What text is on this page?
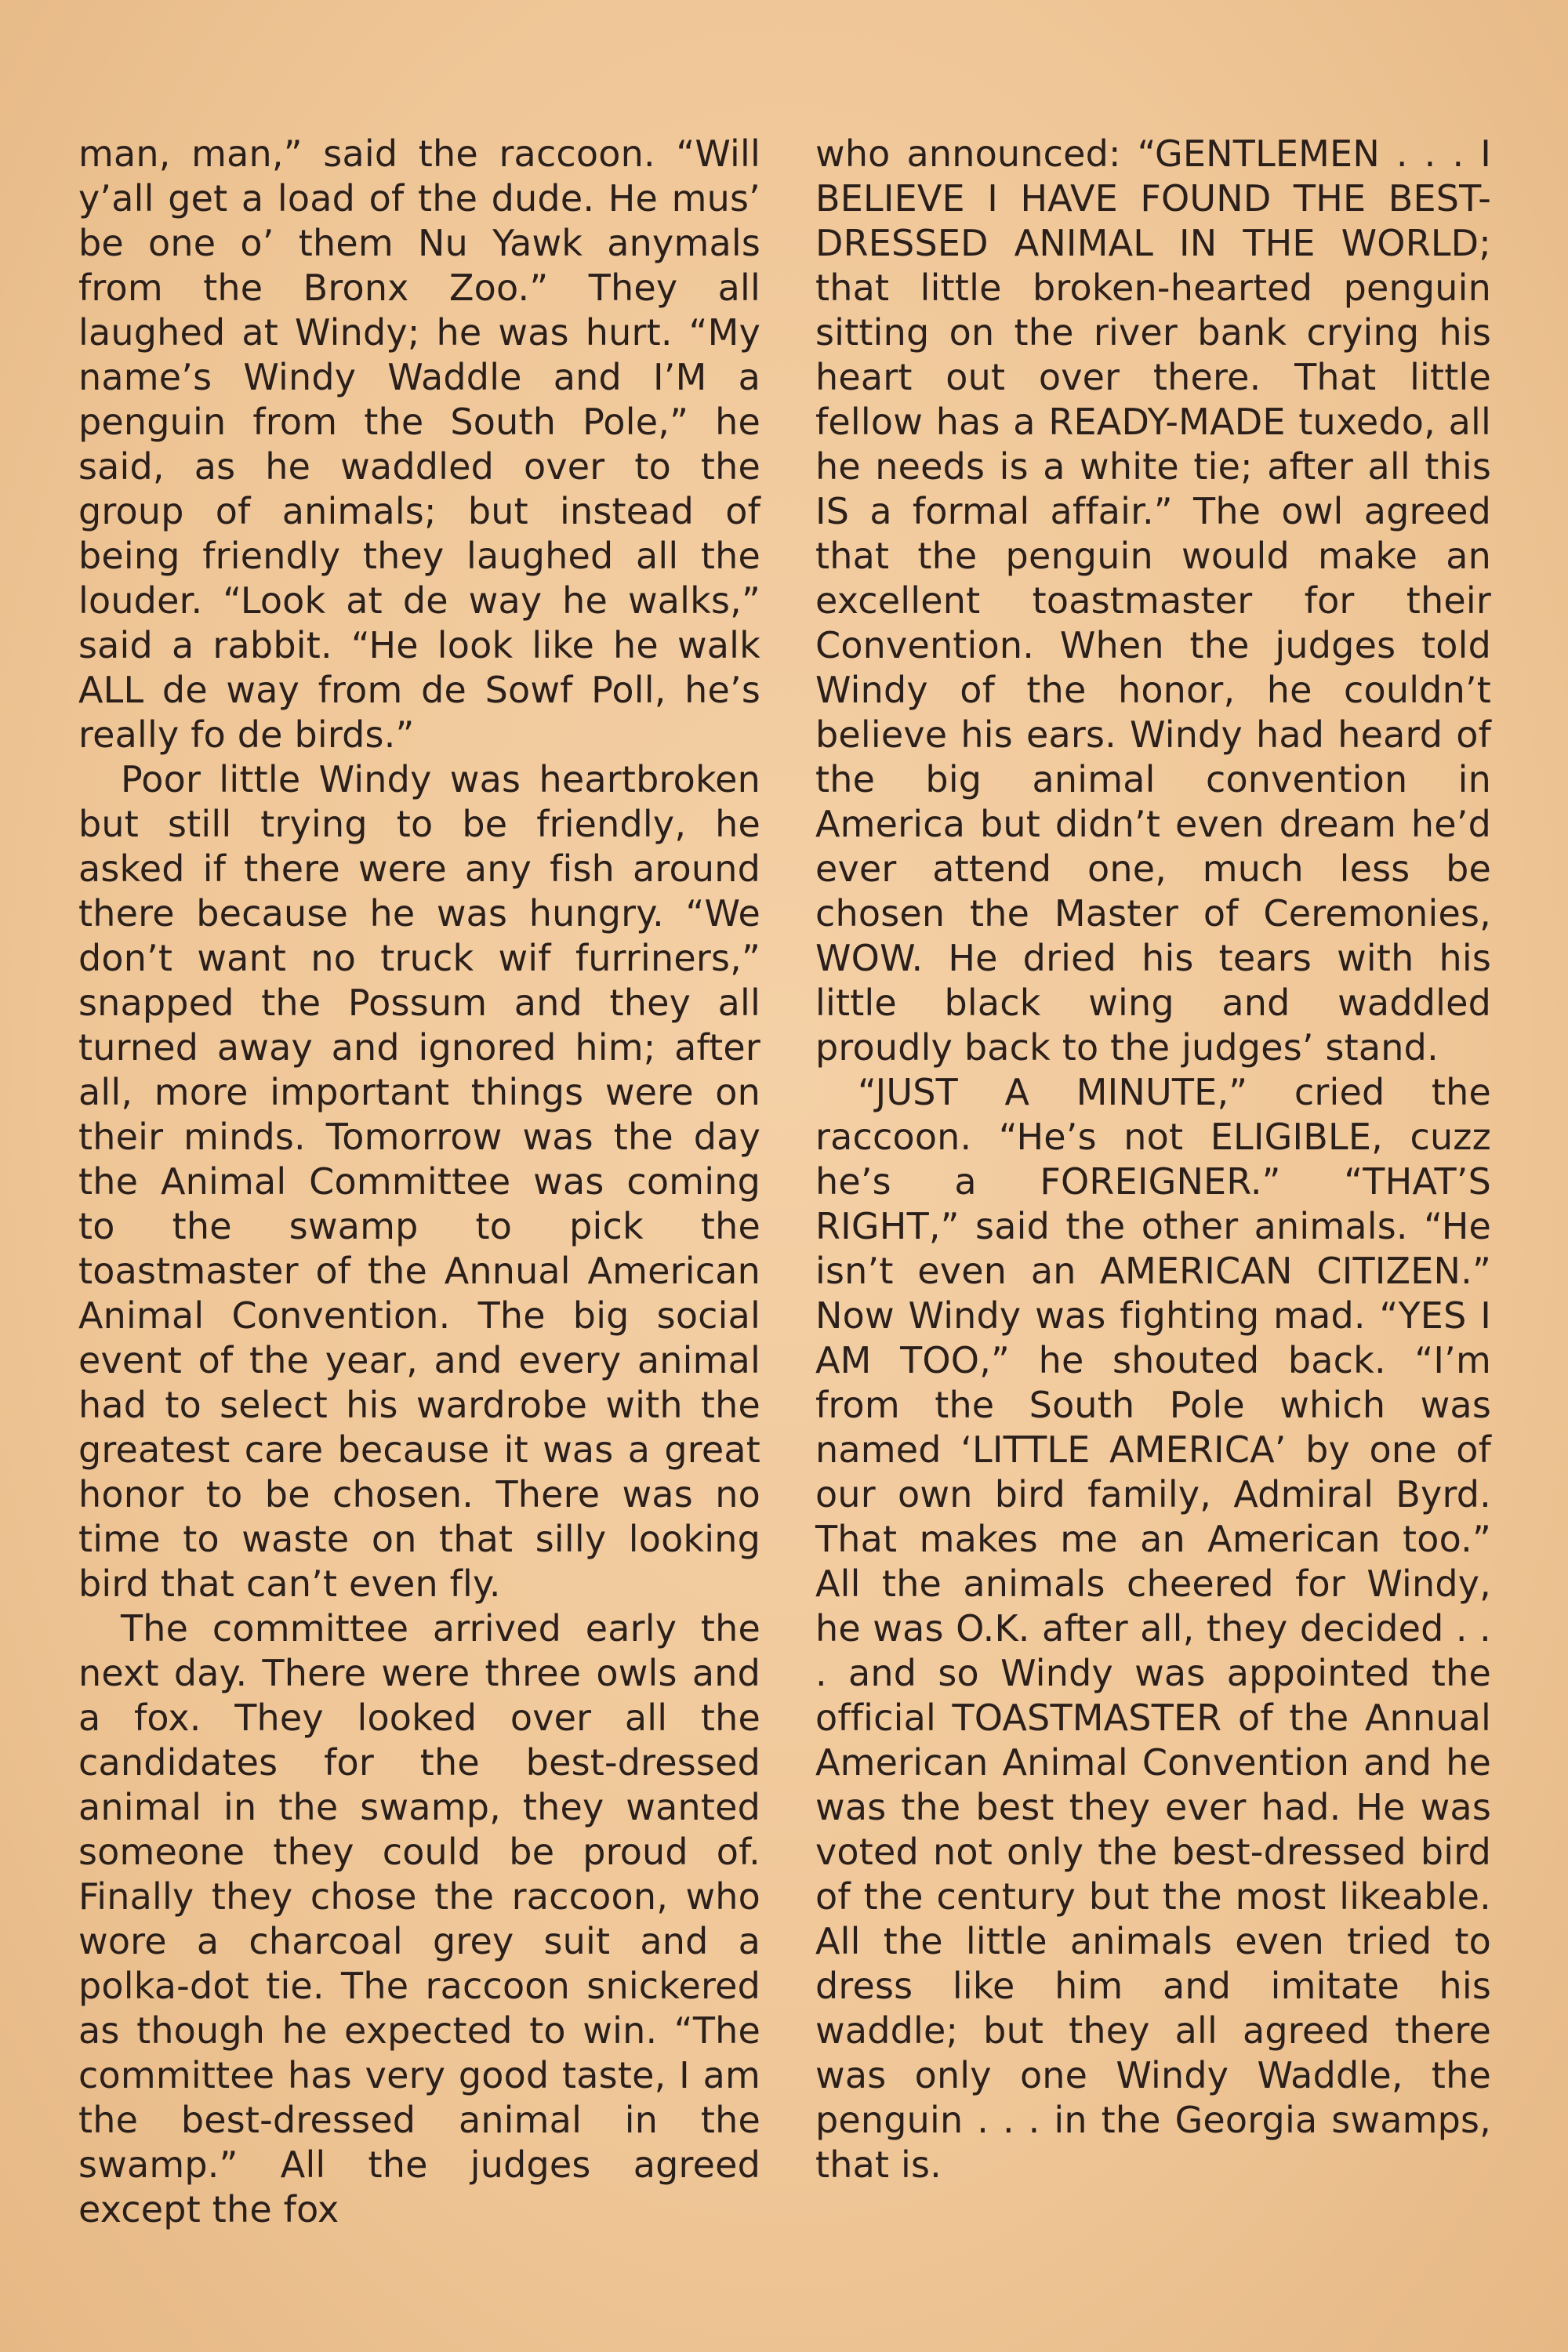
man, man,” said the raccoon. “Will y’all get a load of the dude. He mus’ be one o’ them Nu Yawk anymals from the Bronx Zoo.” They all laughed at Windy; he was hurt. “My name’s Windy Waddle and I’M a penguin from the South Pole,” he said, as he waddled over to the group of animals; but instead of being friendly they laughed all the louder. “Look at de way he walks,” said a rabbit. “He look like he walk ALL de way from de Sowf Poll, he’s really fo de birds.”

Poor little Windy was heartbroken but still trying to be friendly, he asked if there were any fish around there because he was hungry. “We don’t want no truck wif furriners,” snapped the Possum and they all turned away and ignored him; after all, more important things were on their minds. Tomorrow was the day the Animal Committee was coming to the swamp to pick the toastmaster of the Annual American Animal Convention. The big social event of the year, and every animal had to select his wardrobe with the greatest care because it was a great honor to be chosen. There was no time to waste on that silly looking bird that can’t even fly.

The committee arrived early the next day. There were three owls and a fox. They looked over all the candidates for the best-dressed animal in the swamp, they wanted someone they could be proud of. Finally they chose the raccoon, who wore a charcoal grey suit and a polka-dot tie. The raccoon snickered as though he expected to win. “The committee has very good taste, I am the best-dressed animal in the swamp.” All the judges agreed except the fox

who announced: “GENTLEMEN . . . I BELIEVE I HAVE FOUND THE BEST-DRESSED ANIMAL IN THE WORLD; that little broken-hearted penguin sitting on the river bank crying his heart out over there. That little fellow has a READY-MADE tuxedo, all he needs is a white tie; after all this IS a formal affair.” The owl agreed that the penguin would make an excellent toastmaster for their Convention. When the judges told Windy of the honor, he couldn’t believe his ears. Windy had heard of the big animal convention in America but didn’t even dream he’d ever attend one, much less be chosen the Master of Ceremonies, WOW. He dried his tears with his little black wing and waddled proudly back to the judges’ stand.

“JUST A MINUTE,” cried the raccoon. “He’s not ELIGIBLE, cuzz he’s a FOREIGNER.” “THAT’S RIGHT,” said the other animals. “He isn’t even an AMERICAN CITIZEN.” Now Windy was fighting mad. “YES I AM TOO,” he shouted back. “I’m from the South Pole which was named ‘LITTLE AMERICA’ by one of our own bird family, Admiral Byrd. That makes me an American too.” All the animals cheered for Windy, he was O.K. after all, they decided . . . and so Windy was appointed the official TOASTMASTER of the Annual American Animal Convention and he was the best they ever had. He was voted not only the best-dressed bird of the century but the most likeable. All the little animals even tried to dress like him and imitate his waddle; but they all agreed there was only one Windy Waddle, the penguin . . . in the Georgia swamps, that is.
